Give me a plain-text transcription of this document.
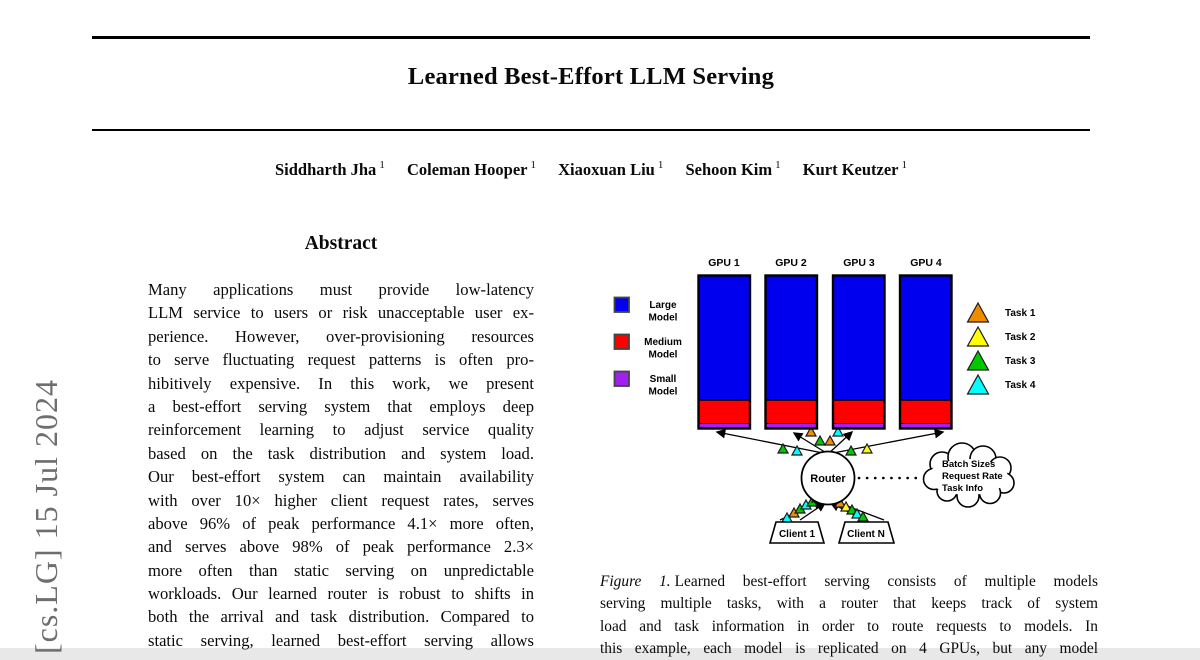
[cs.LG] 15 Jul 2024
Learned Best-Effort LLM Serving
Siddharth Jha $^1$ Coleman Hooper $^1$ Xiaoxuan Liu $^1$ Sehoon Kim $^1$ Kurt Keutzer $^1$
Abstract
Many applications must provide low-latency
LLM service to users or risk unacceptable user ex-
perience. However, over-provisioning resources
to serve fluctuating request patterns is often pro-
hibitively expensive. In this work, we present
a best-effort serving system that employs deep
reinforcement learning to adjust service quality
based on the task distribution and system load.
Our best-effort system can maintain availability
with over 10× higher client request rates, serves
above 96% of peak performance 4.1× more often,
and serves above 98% of peak performance 2.3×
more often than static serving on unpredictable
workloads. Our learned router is robust to shifts in
both the arrival and task distribution. Compared to
static serving, learned best-effort serving allows
Router
Batch Sizes
Request Rate
Task Info
Client 1	Client N
GPU 1	GPU 2	GPU 3	GPU 4
Large
Model
Medium
Model
Small
Model
Task 1
Task 2
Task 3
Task 4
Figure 1. Learned best-effort serving consists of multiple models
serving multiple tasks, with a router that keeps track of system
load and task information in order to route requests to models. In
this example, each model is replicated on 4 GPUs, but any model
